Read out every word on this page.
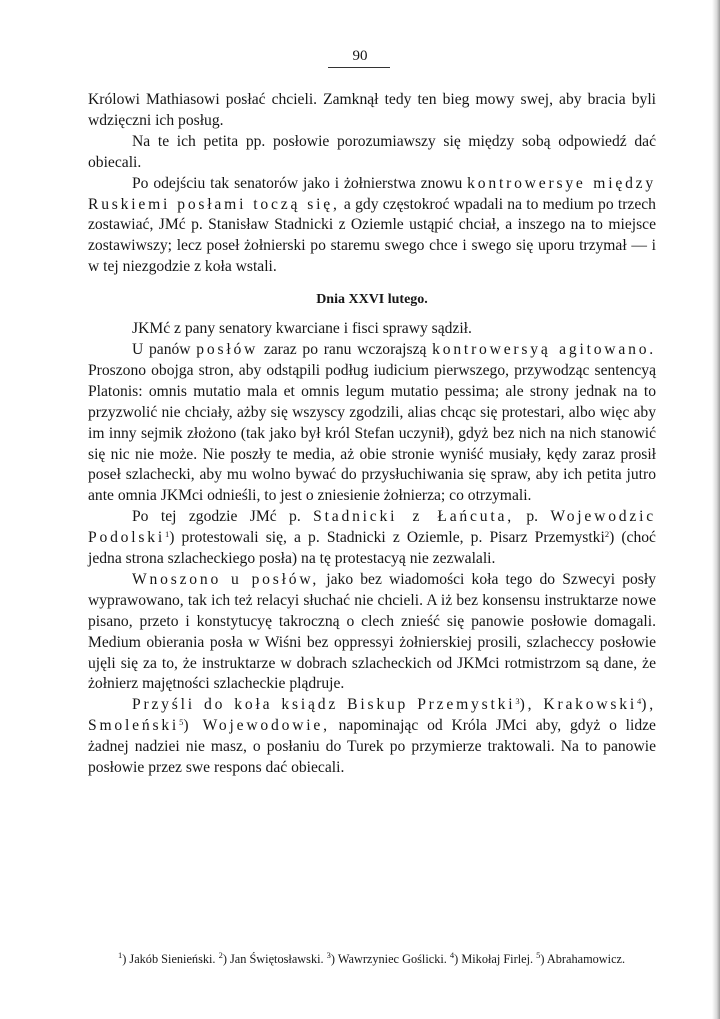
90

Królowi Mathiasowi posłać chcieli. Zamknął tedy ten bieg mowy swej, aby bracia byli wdzięczni ich posług.

Na te ich petita pp. posłowie porozumiawszy się między sobą odpowiedź dać obiecali.

Po odejściu tak senatorów jako i żołnierstwa znowu kontrowersye między Ruskiemi posłami toczą się, a gdy częstokroć wpadali na to medium po trzech zostawiać, JMć p. Stanisław Stadnicki z Oziemle ustąpić chciał, a inszego na to miejsce zostawiwszy; lecz poseł żołnierski po staremu swego chce i swego się uporu trzymał — i w tej niezgodzie z koła wstali.

Dnia XXVI lutego.

JKMć z pany senatory kwarciane i fisci sprawy sądził.

U panów posłów zaraz po ranu wczorajszą kontrowersyą agitowano. Proszono obojga stron, aby odstąpili podług iudicium pierwszego, przywodząc sentencyą Platonis: omnis mutatio mala et omnis legum mutatio pessima; ale strony jednak na to przyzwolić nie chciały, ażby się wszyscy zgodzili, alias chcąc się protestari, albo więc aby im inny sejmik złożono (tak jako był król Stefan uczynił), gdyż bez nich na nich stanowić się nic nie może. Nie poszły te media, aż obie stronie wyniść musiały, kędy zaraz prosił poseł szlachecki, aby mu wolno bywać do przysłuchiwania się spraw, aby ich petita jutro ante omnia JKMci odnieśli, to jest o zniesienie żołnierza; co otrzymali.

Po tej zgodzie JMć p. Stadnicki z Łańcuta, p. Wojewodzic Podolski$^1$) protestowali się, a p. Stadnicki z Oziemle, p. Pisarz Przemystki$^2$) (choć jedna strona szlacheckiego posła) na tę protestacyą nie zezwalali.

Wnoszono u posłów, jako bez wiadomości koła tego do Szwecyi posły wyprawowano, tak ich też relacyi słuchać nie chcieli. A iż bez konsensu instruktarze nowe pisano, przeto i konstytucyę takroczną o clech znieść się panowie posłowie domagali. Medium obierania posła w Wiśni bez oppressyi żołnierskiej prosili, szlacheccy posłowie ujęli się za to, że instruktarze w dobrach szlacheckich od JKMci rotmistrzom są dane, że żołnierz majętności szlacheckie plądruje.

Przyśli do koła ksiądz Biskup Przemystki$^3$), Krakowski$^4$), Smoleński$^5$) Wojewodowie, napominając od Króla JMci aby, gdyż o lidze żadnej nadziei nie masz, o posłaniu do Turek po przymierze traktowali. Na to panowie posłowie przez swe respons dać obiecali.

$^1$) Jakób Sienieński. $^2$) Jan Świętosławski. $^3$) Wawrzyniec Goślicki. $^4$) Mikołaj Firlej. $^5$) Abrahamowicz.
